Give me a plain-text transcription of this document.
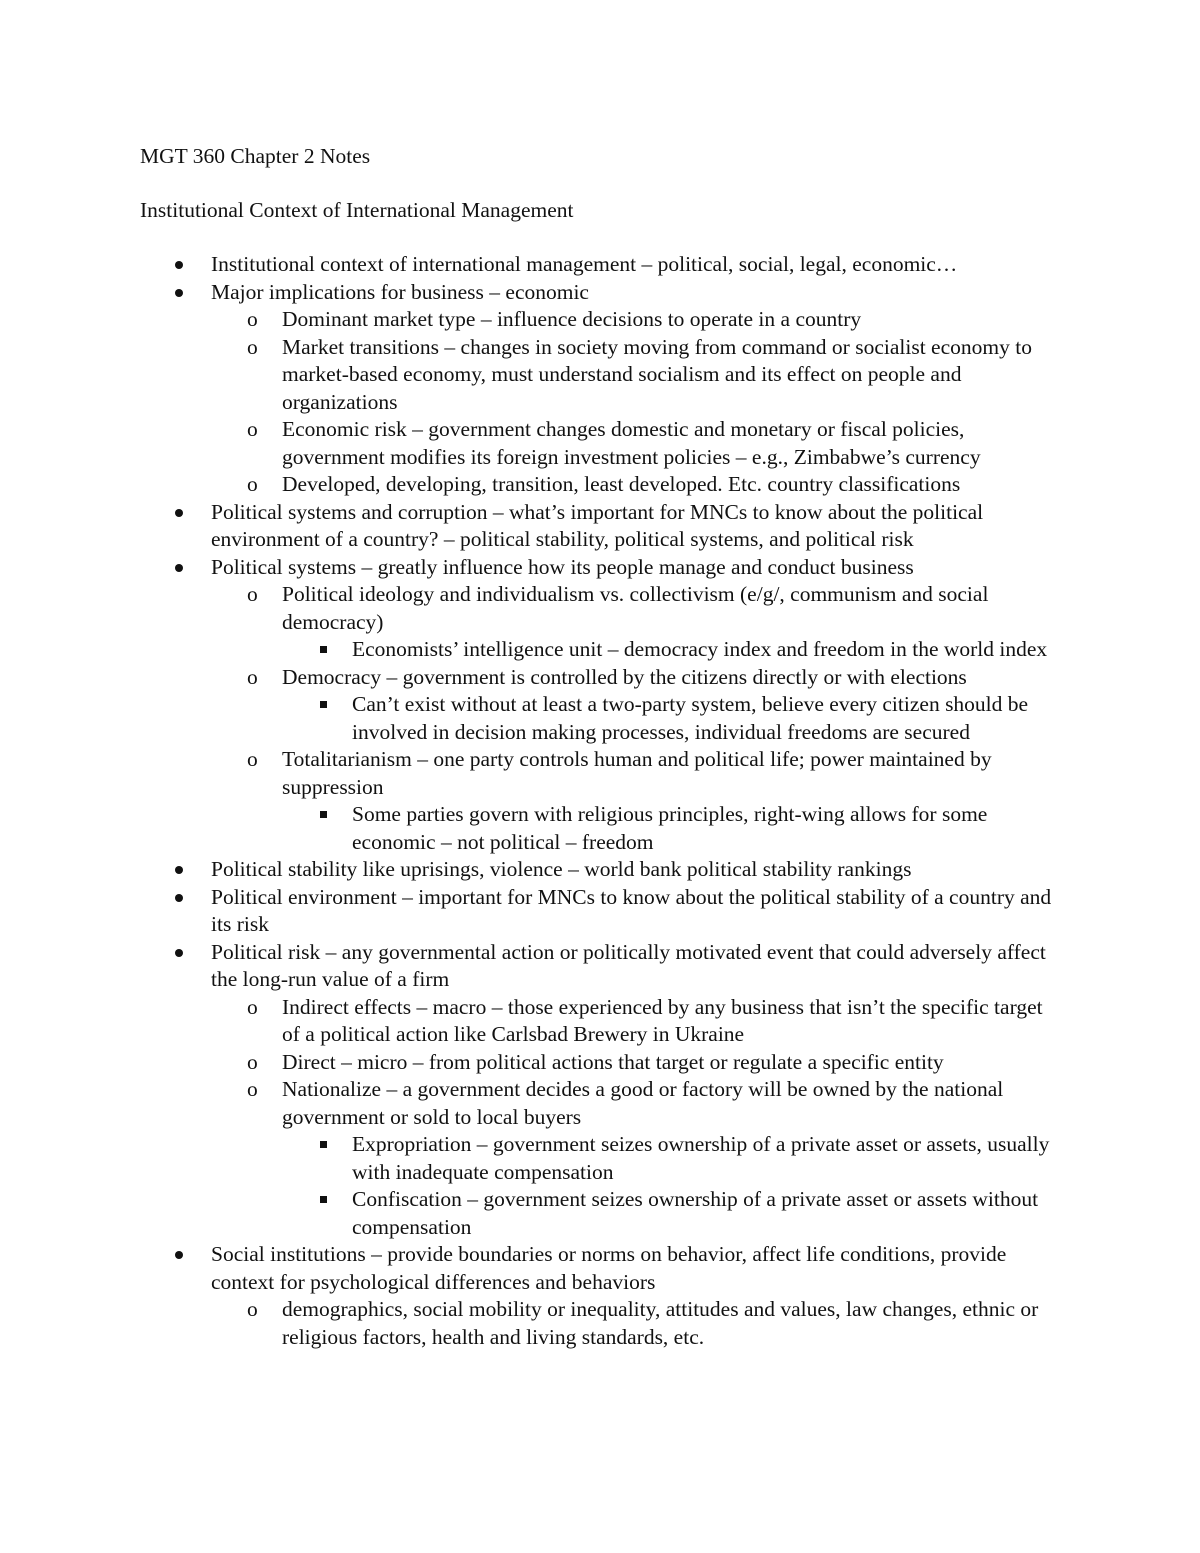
MGT 360 Chapter 2 Notes
Institutional Context of International Management
Institutional context of international management – political, social, legal, economic…
Major implications for business – economic
o	Dominant market type – influence decisions to operate in a country
o	Market transitions – changes in society moving from command or socialist economy to market-based economy, must understand socialism and its effect on people and organizations
o	Economic risk – government changes domestic and monetary or fiscal policies, government modifies its foreign investment policies – e.g., Zimbabwe’s currency
o	Developed, developing, transition, least developed. Etc. country classifications
Political systems and corruption – what’s important for MNCs to know about the political environment of a country? – political stability, political systems, and political risk
Political systems – greatly influence how its people manage and conduct business
o	Political ideology and individualism vs. collectivism (e/g/, communism and social democracy)
Economists’ intelligence unit – democracy index and freedom in the world index
o	Democracy – government is controlled by the citizens directly or with elections
Can’t exist without at least a two-party system, believe every citizen should be involved in decision making processes, individual freedoms are secured
o	Totalitarianism – one party controls human and political life; power maintained by suppression
Some parties govern with religious principles, right-wing allows for some economic – not political – freedom
Political stability like uprisings, violence – world bank political stability rankings
Political environment – important for MNCs to know about the political stability of a country and its risk
Political risk – any governmental action or politically motivated event that could adversely affect the long-run value of a firm
o	Indirect effects – macro – those experienced by any business that isn’t the specific target of a political action like Carlsbad Brewery in Ukraine
o	Direct – micro – from political actions that target or regulate a specific entity
o	Nationalize – a government decides a good or factory will be owned by the national government or sold to local buyers
Expropriation – government seizes ownership of a private asset or assets, usually with inadequate compensation
Confiscation – government seizes ownership of a private asset or assets without compensation
Social institutions – provide boundaries or norms on behavior, affect life conditions, provide context for psychological differences and behaviors
o	demographics, social mobility or inequality, attitudes and values, law changes, ethnic or religious factors, health and living standards, etc.
